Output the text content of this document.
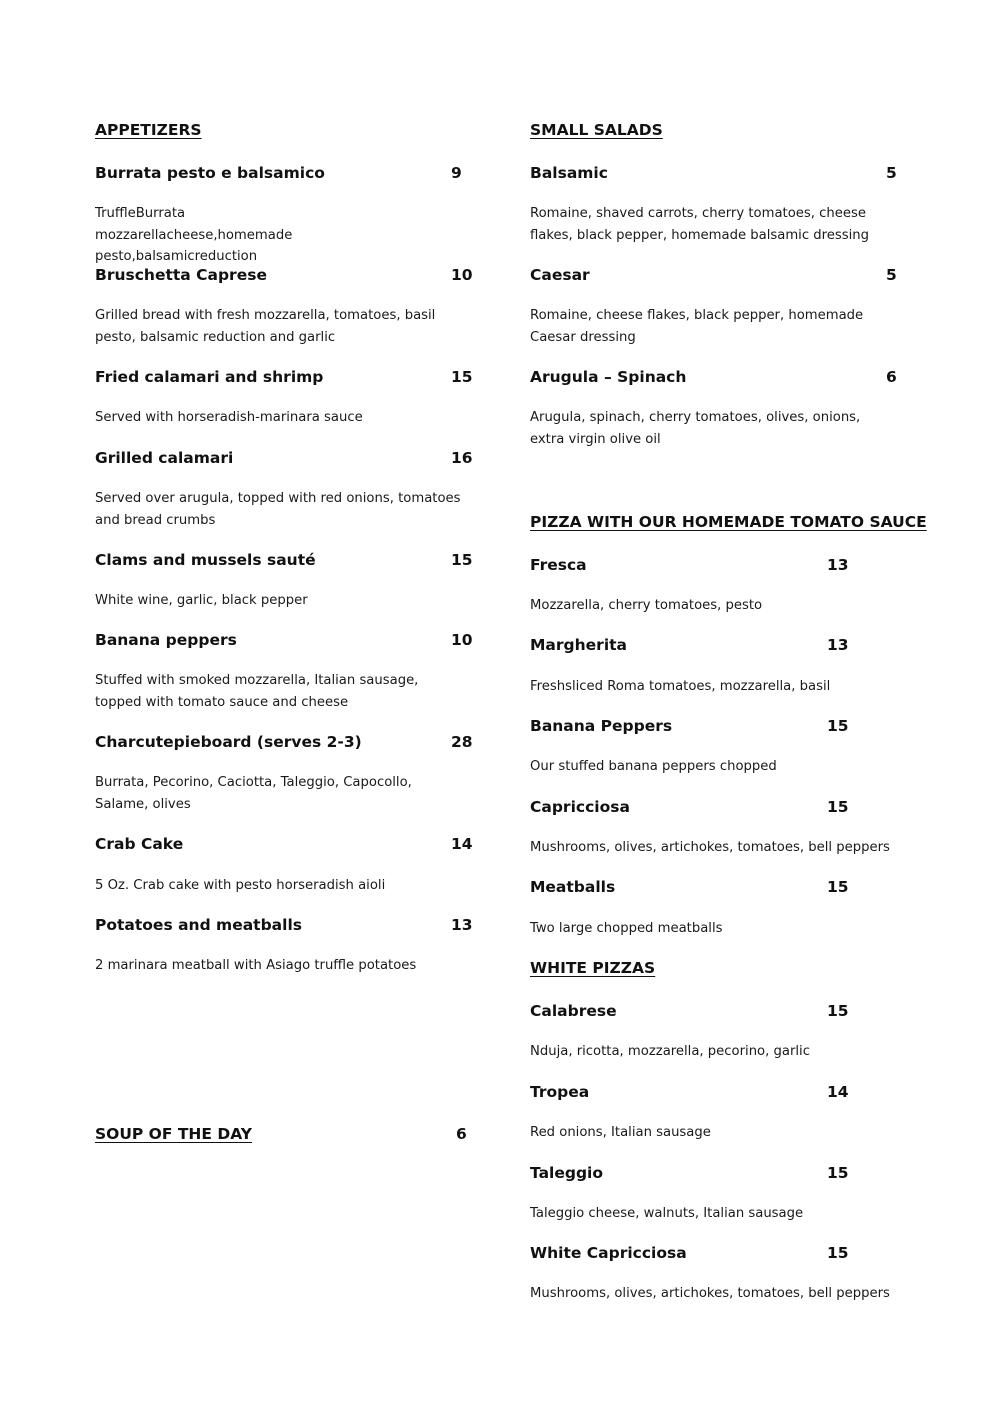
APPETIZERS
Burrata pesto e balsamico	9
TruffleBurrata mozzarellacheese,homemade pesto,balsamicreduction
Bruschetta Caprese	10
Grilled bread with fresh mozzarella, tomatoes, basil pesto, balsamic reduction and garlic
Fried calamari and shrimp	15
Served with horseradish-marinara sauce
Grilled calamari	16
Served over arugula, topped with red onions, tomatoes and bread crumbs
Clams and mussels sauté	15
White wine, garlic, black pepper
Banana peppers	10
Stuffed with smoked mozzarella, Italian sausage, topped with tomato sauce and cheese
Charcutерieboard (serves 2-3)	28
Burrata, Pecorino, Caciotta, Taleggio, Capocollo, Salame, olives
Crab Cake	14
5 Oz. Crab cake with pesto horseradish aioli
Potatoes and meatballs	13
2 marinara meatball with Asiago truffle potatoes
SOUP OF THE DAY	6
SMALL SALADS
Balsamic	5
Romaine, shaved carrots, cherry tomatoes, cheese flakes, black pepper, homemade balsamic dressing
Caesar	5
Romaine, cheese flakes, black pepper, homemade Caesar dressing
Arugula – Spinach	6
Arugula, spinach, cherry tomatoes, olives, onions, extra virgin olive oil
PIZZA WITH OUR HOMEMADE TOMATO SAUCE
Fresca	13
Mozzarella, cherry tomatoes, pesto
Margherita	13
Freshsliced Roma tomatoes, mozzarella, basil
Banana Peppers	15
Our stuffed banana peppers chopped
Capricciosa	15
Mushrooms, olives, artichokes, tomatoes, bell peppers
Meatballs	15
Two large chopped meatballs
WHITE PIZZAS
Calabrese	15
Nduja, ricotta, mozzarella, pecorino, garlic
Tropea	14
Red onions, Italian sausage
Taleggio	15
Taleggio cheese, walnuts, Italian sausage
White Capricciosa	15
Mushrooms, olives, artichokes, tomatoes, bell peppers
